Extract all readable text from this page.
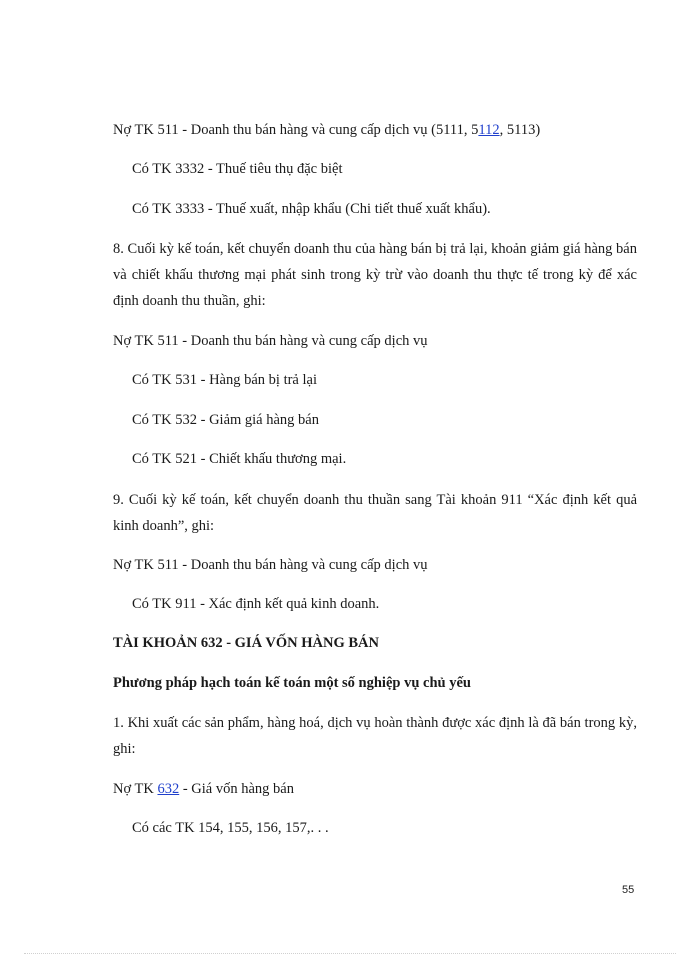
Nợ TK 511 - Doanh thu bán hàng và cung cấp dịch vụ (5111, 5112, 5113)
Có TK 3332 - Thuế tiêu thụ đặc biệt
Có TK 3333 - Thuế xuất, nhập khẩu (Chi tiết thuế xuất khẩu).
8. Cuối kỳ kế toán, kết chuyển doanh thu của hàng bán bị trả lại, khoản giảm giá hàng bán và chiết khấu thương mại phát sinh trong kỳ trừ vào doanh thu thực tế trong kỳ để xác định doanh thu thuần, ghi:
Nợ TK 511 - Doanh thu bán hàng và cung cấp dịch vụ
Có TK 531 - Hàng bán bị trả lại
Có TK 532 - Giảm giá hàng bán
Có TK 521 - Chiết khấu thương mại.
9. Cuối kỳ kế toán, kết chuyển doanh thu thuần sang Tài khoản 911 “Xác định kết quả kinh doanh”, ghi:
Nợ TK 511 - Doanh thu bán hàng và cung cấp dịch vụ
Có TK 911 - Xác định kết quả kinh doanh.
TÀI KHOẢN 632 - GIÁ VỐN HÀNG BÁN
Phương pháp hạch toán kế toán một số nghiệp vụ chủ yếu
1. Khi xuất các sản phẩm, hàng hoá, dịch vụ hoàn thành được xác định là đã bán trong kỳ, ghi:
Nợ TK 632 - Giá vốn hàng bán
Có các TK 154, 155, 156, 157,. . .
55
